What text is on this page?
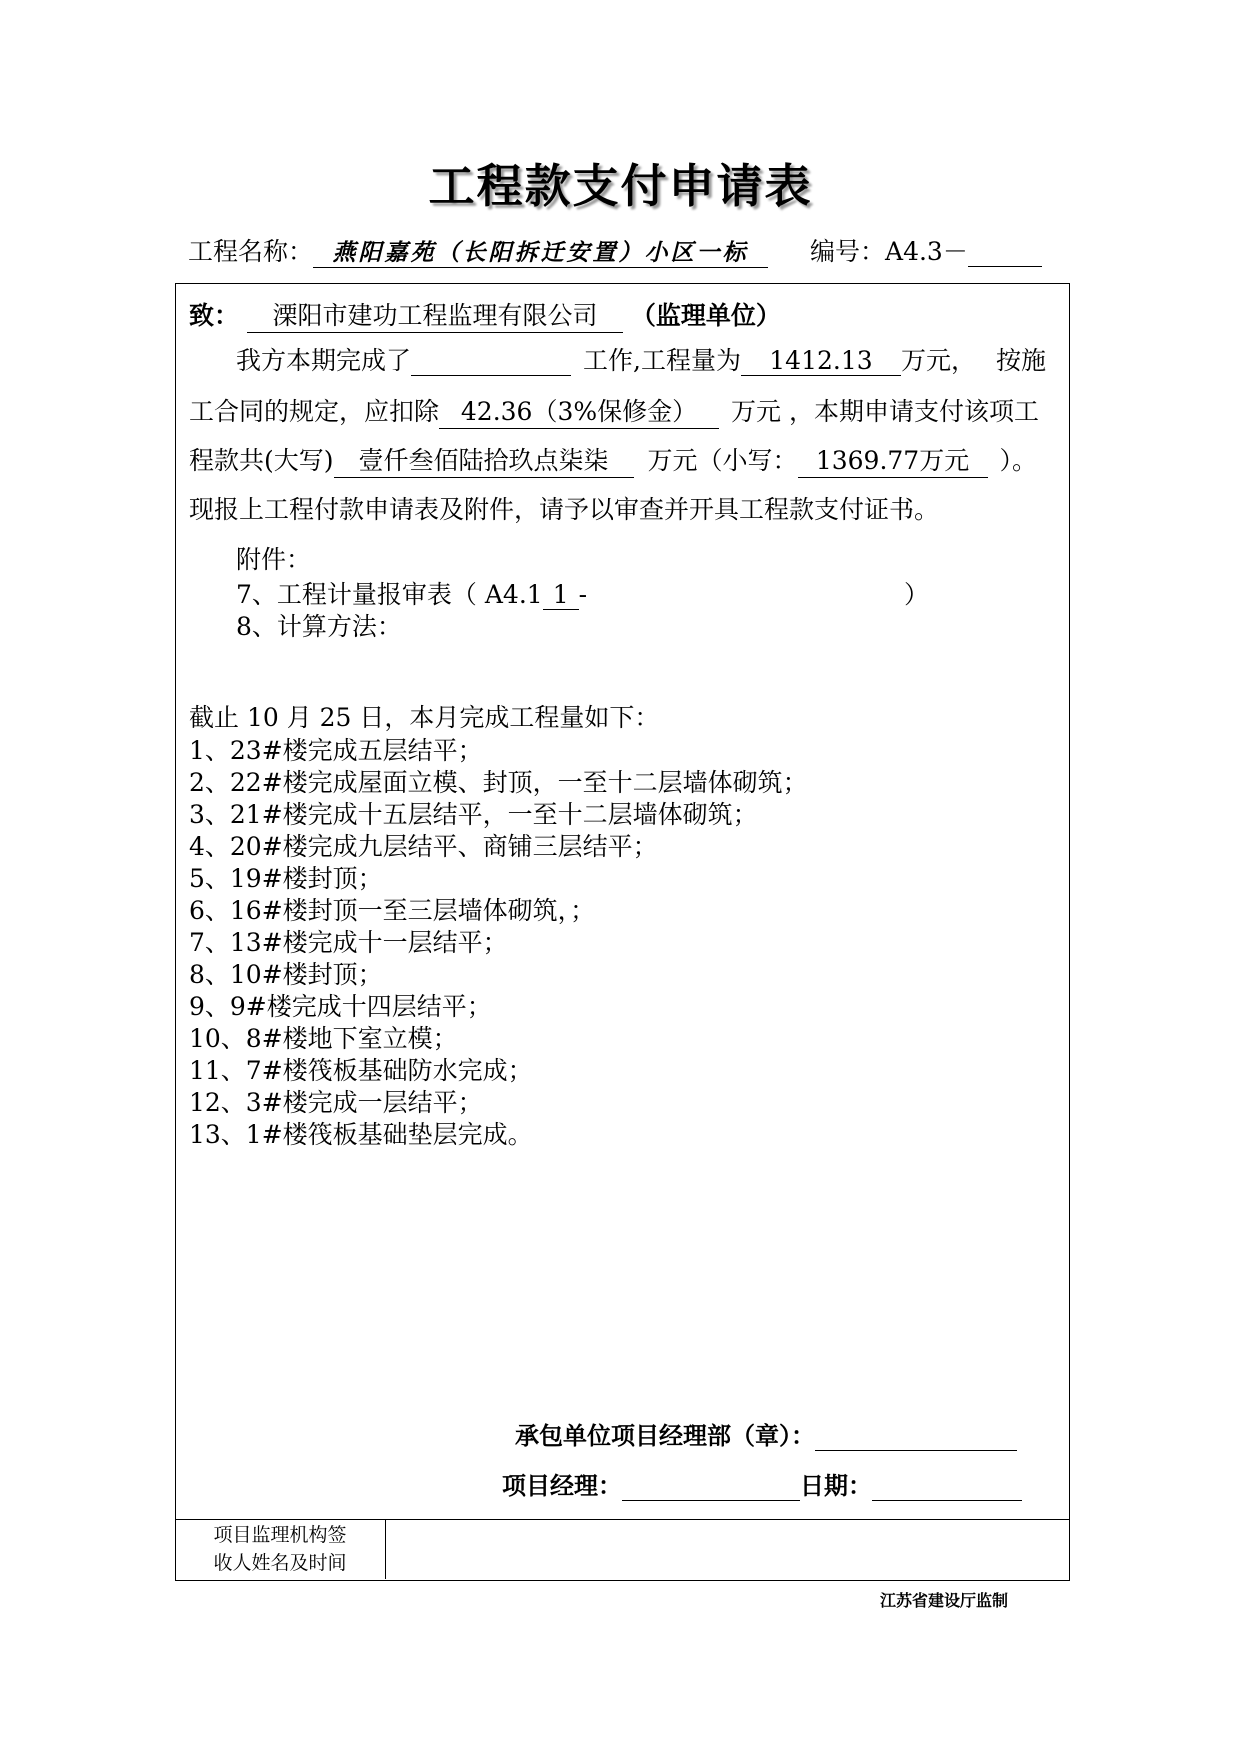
工程款支付申请表
工程名称： 燕阳嘉苑（长阳拆迁安置）小区一标	编号：A4.3－
致： 溧阳市建功工程监理有限公司 （监理单位）
我方本期完成了	工作,工程量为 1412.13 万元， 按施
工合同的规定，应扣除 42.36（3%保修金） 万元 ，本期申请支付该项工
程款共(大写) 壹仟叁佰陆拾玖点柒柒 万元（小写： 1369.77万元 ）。
现报上工程付款申请表及附件，请予以审查并开具工程款支付证书。
附件：
7、工程计量报审表（ A4.1 1 -	）
8、计算方法：
截止 10 月 25 日，本月完成工程量如下：
1、23#楼完成五层结平；
2、22#楼完成屋面立模、封顶，一至十二层墙体砌筑；
3、21#楼完成十五层结平，一至十二层墙体砌筑；
4、20#楼完成九层结平、商铺三层结平；
5、19#楼封顶；
6、16#楼封顶一至三层墙体砌筑，；
7、13#楼完成十一层结平；
8、10#楼封顶；
9、9#楼完成十四层结平；
10、8#楼地下室立模；
11、7#楼筏板基础防水完成；
12、3#楼完成一层结平；
13、1#楼筏板基础垫层完成。
承包单位项目经理部（章）：
项目经理：	日期：
项目监理机构签
收人姓名及时间
江苏省建设厅监制
